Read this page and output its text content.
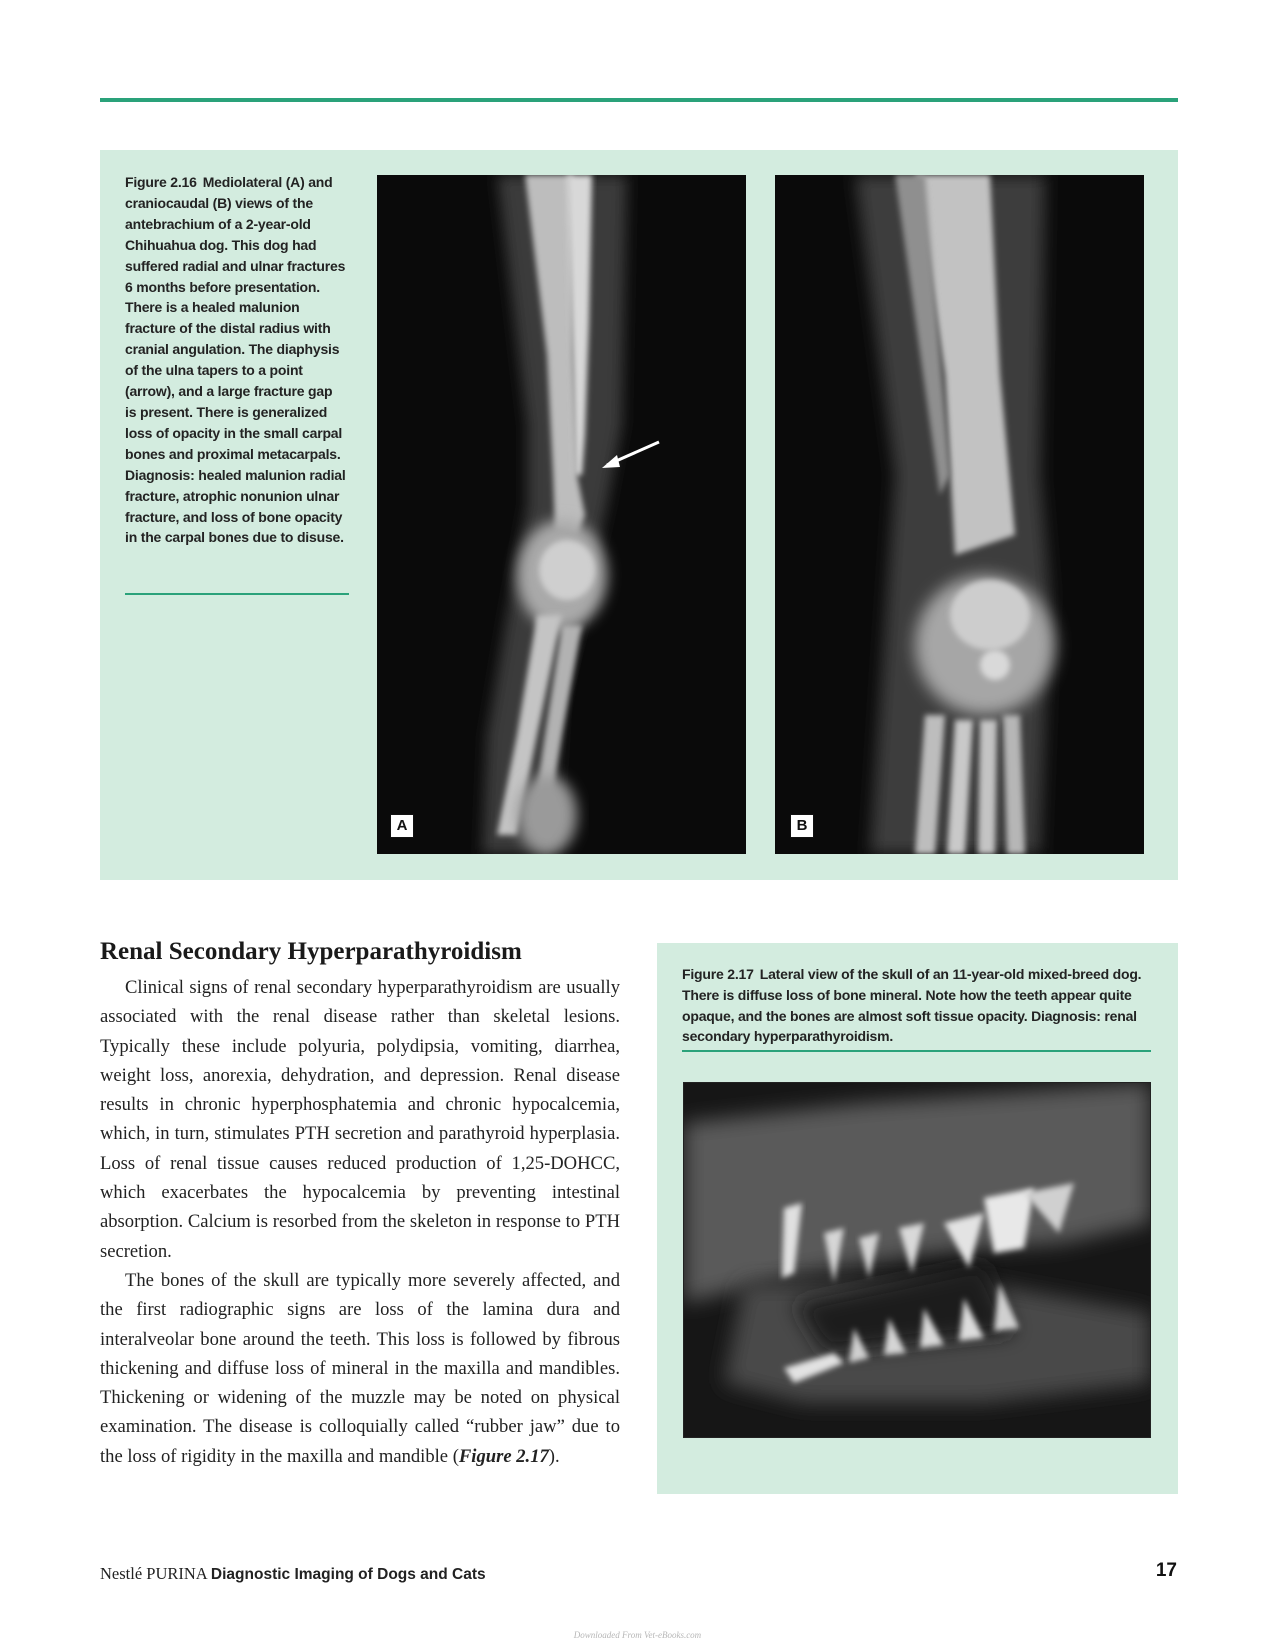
Figure 2.16 Mediolateral (A) and craniocaudal (B) views of the antebrachium of a 2-year-old Chihuahua dog. This dog had suffered radial and ulnar fractures 6 months before presentation. There is a healed malunion fracture of the distal radius with cranial angulation. The diaphysis of the ulna tapers to a point (arrow), and a large fracture gap is present. There is generalized loss of opacity in the small carpal bones and proximal metacarpals. Diagnosis: healed malunion radial fracture, atrophic nonunion ulnar fracture, and loss of bone opacity in the carpal bones due to disuse.
A	B
Renal Secondary Hyperparathyroidism

Clinical signs of renal secondary hyperparathyroidism are usually associated with the renal disease rather than skeletal lesions. Typically these include polyuria, polydipsia, vomiting, diarrhea, weight loss, anorexia, dehydration, and depression. Renal disease results in chronic hyperphosphatemia and chronic hypocalcemia, which, in turn, stimulates PTH secretion and parathyroid hyperplasia. Loss of renal tissue causes reduced production of 1,25-DOHCC, which exacerbates the hypocalcemia by preventing intestinal absorption. Calcium is resorbed from the skeleton in response to PTH secretion.

The bones of the skull are typically more severely affected, and the first radiographic signs are loss of the lamina dura and interalveolar bone around the teeth. This loss is followed by fibrous thickening and diffuse loss of mineral in the maxilla and mandibles. Thickening or widening of the muzzle may be noted on physical examination. The disease is colloquially called “rubber jaw” due to the loss of rigidity in the maxilla and mandible (Figure 2.17).

Figure 2.17 Lateral view of the skull of an 11-year-old mixed-breed dog. There is diffuse loss of bone mineral. Note how the teeth appear quite opaque, and the bones are almost soft tissue opacity. Diagnosis: renal secondary hyperparathyroidism.
Nestlé PURINA Diagnostic Imaging of Dogs and Cats	17
Downloaded From Vet-eBooks.com
